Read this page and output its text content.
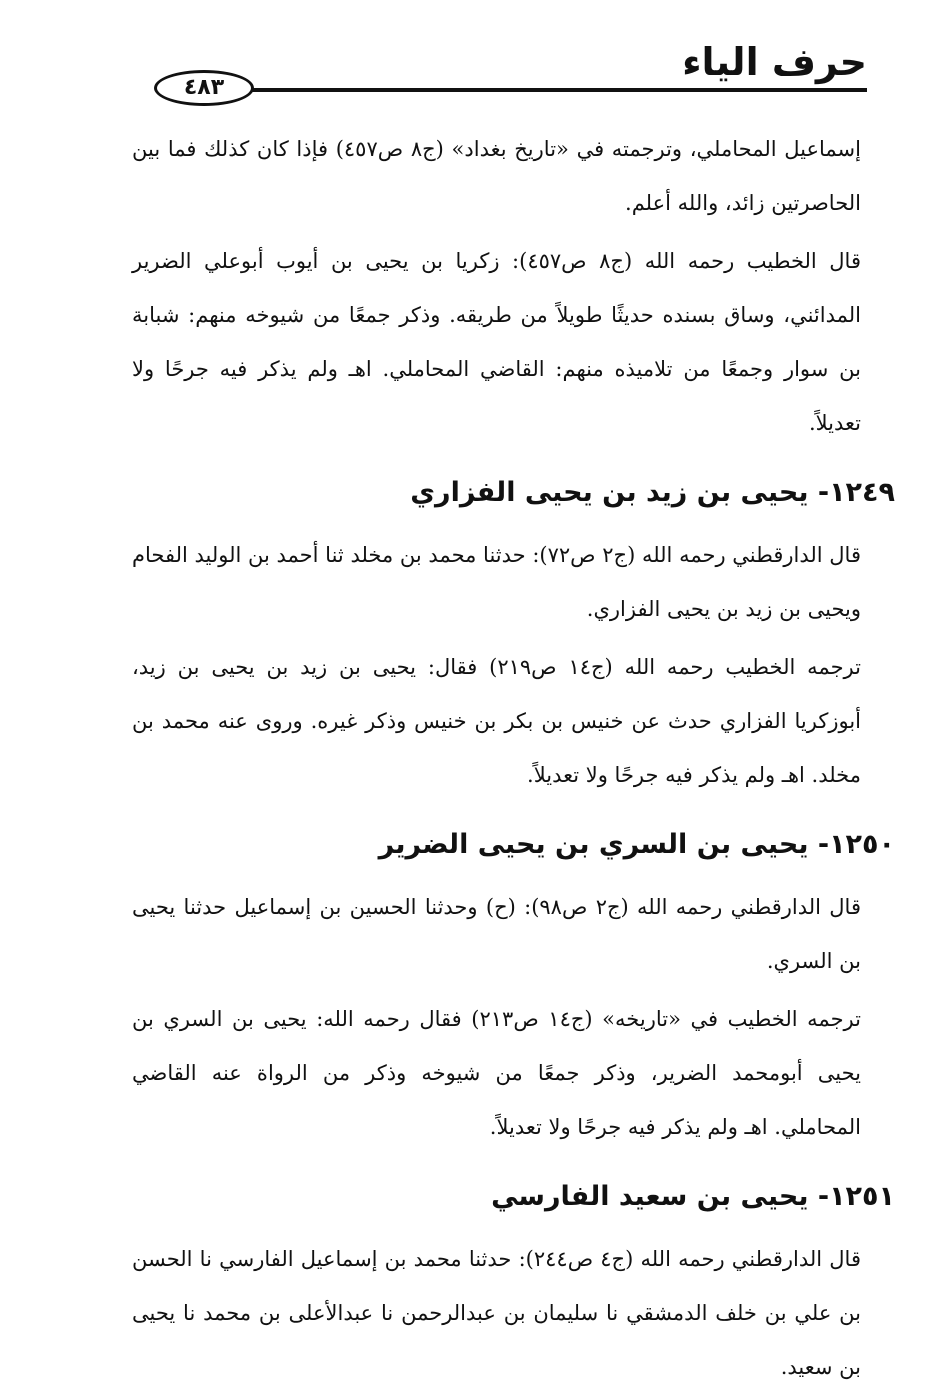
حرف الياء
٤٨٣

إسماعيل المحاملي، وترجمته في «تاريخ بغداد» (ج٨ ص٤٥٧) فإذا كان كذلك فما بين الحاصرتين زائد، والله أعلم.

قال الخطيب رحمه الله (ج٨ ص٤٥٧): زكريا بن يحيى بن أيوب أبوعلي الضرير المدائني، وساق بسنده حديثًا طويلاً من طريقه. وذكر جمعًا من شيوخه منهم: شبابة بن سوار وجمعًا من تلاميذه منهم: القاضي المحاملي. اهـ ولم يذكر فيه جرحًا ولا تعديلاً.

١٢٤٩- يحيى بن زيد بن يحيى الفزاري

قال الدارقطني رحمه الله (ج٢ ص٧٢): حدثنا محمد بن مخلد ثنا أحمد بن الوليد الفحام ويحيى بن زيد بن يحيى الفزاري.

ترجمه الخطيب رحمه الله (ج١٤ ص٢١٩) فقال: يحيى بن زيد بن يحيى بن زيد، أبوزكريا الفزاري حدث عن خنيس بن بكر بن خنيس وذكر غيره. وروى عنه محمد بن مخلد. اهـ ولم يذكر فيه جرحًا ولا تعديلاً.

١٢٥٠- يحيى بن السري بن يحيى الضرير

قال الدارقطني رحمه الله (ج٢ ص٩٨): (ح) وحدثنا الحسين بن إسماعيل حدثنا يحيى بن السري.

ترجمه الخطيب في «تاريخه» (ج١٤ ص٢١٣) فقال رحمه الله: يحيى بن السري بن يحيى أبومحمد الضرير، وذكر جمعًا من شيوخه وذكر من الرواة عنه القاضي المحاملي. اهـ ولم يذكر فيه جرحًا ولا تعديلاً.

١٢٥١- يحيى بن سعيد الفارسي

قال الدارقطني رحمه الله (ج٤ ص٢٤٤): حدثنا محمد بن إسماعيل الفارسي نا الحسن بن علي بن خلف الدمشقي نا سليمان بن عبدالرحمن نا عبدالأعلى بن محمد نا يحيى بن سعيد.
